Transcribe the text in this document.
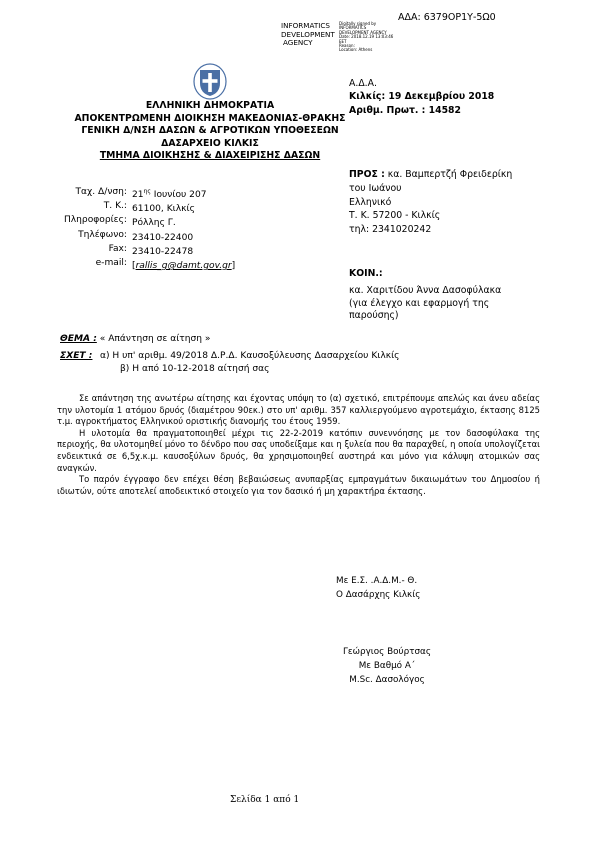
ΑΔΑ: 6379ΟΡ1Υ-5Ω0
INFORMATICS
DEVELOPMENT
AGENCY
Digitally signed by
INFORMATICS
DEVELOPMENT AGENCY
Date: 2018.12.19 13:03:46
EET
Reason:
Location: Athens
ΕΛΛΗΝΙΚΗ ΔΗΜΟΚΡΑΤΙΑ
ΑΠΟΚΕΝΤΡΩΜΕΝΗ ΔΙΟΙΚΗΣΗ ΜΑΚΕΔΟΝΙΑΣ-ΘΡΑΚΗΣ
ΓΕΝΙΚΗ Δ/ΝΣΗ ΔΑΣΩΝ & ΑΓΡΟΤΙΚΩΝ ΥΠΟΘΕΣΕΩΝ
ΔΑΣΑΡΧΕΙΟ ΚΙΛΚΙΣ
ΤΜΗΜΑ ΔΙΟΙΚΗΣΗΣ & ΔΙΑΧΕΙΡΙΣΗΣ ΔΑΣΩΝ
Α.Δ.Α.
Κιλκίς: 19 Δεκεμβρίου 2018
Αριθμ. Πρωτ. : 14582
Ταχ. Δ/νση:
Τ. Κ.:
Πληροφορίες:
Τηλέφωνο:
Fax:
e-mail:
$21^{\eta\varsigma}$ Ιουνίου 207
61100, Κιλκίς
Ρόλλης Γ.
23410-22400
23410-22478
[rallis_g@damt.gov.gr]
ΠΡΟΣ : κα. Βαμπερτζή Φρειδερίκη
του Ιωάνου
Ελληνικό
Τ. Κ. 57200 - Κιλκίς
τηλ: 2341020242
ΚΟΙΝ.:
κα. Χαριτίδου Άννα Δασοφύλακα
(για έλεγχο και εφαρμογή της
παρούσης)
ΘΕΜΑ : « Απάντηση σε αίτηση »
ΣΧΕΤ : α) Η υπ' αριθμ. 49/2018 Δ.Ρ.Δ. Καυσοξύλευσης Δασαρχείου Κιλκίς
β) Η από 10-12-2018 αίτησή σας

Σε απάντηση της ανωτέρω αίτησης και έχοντας υπόψη το (α) σχετικό, επιτρέπουμε απελώς και άνευ αδείας την υλοτομία 1 ατόμου δρυός (διαμέτρου 90εκ.) στο υπ' αριθμ. 357 καλλιεργούμενο αγροτεμάχιο, έκτασης 8125 τ.μ. αγροκτήματος Ελληνικού οριστικής διανομής του έτους 1959.

Η υλοτομία θα πραγματοποιηθεί μέχρι τις 22-2-2019 κατόπιν συνεννόησης με τον δασοφύλακα της περιοχής, θα υλοτομηθεί μόνο το δένδρο που σας υποδείξαμε και η ξυλεία που θα παραχθεί, η οποία υπολογίζεται ενδεικτικά σε 6,5χ.κ.μ. καυσοξύλων δρυός, θα χρησιμοποιηθεί αυστηρά και μόνο για κάλυψη ατομικών σας αναγκών.

Το παρόν έγγραφο δεν επέχει θέση βεβαιώσεως ανυπαρξίας εμπραγμάτων δικαιωμάτων του Δημοσίου ή ιδιωτών, ούτε αποτελεί αποδεικτικό στοιχείο για τον δασικό ή μη χαρακτήρα έκτασης.

Με Ε.Σ. .Α.Δ.Μ.- Θ.
Ο Δασάρχης Κιλκίς
Γεώργιος Βούρτσας
Με Βαθμό Α΄
Μ.Sc. Δασολόγος
Σελίδα 1 από 1
